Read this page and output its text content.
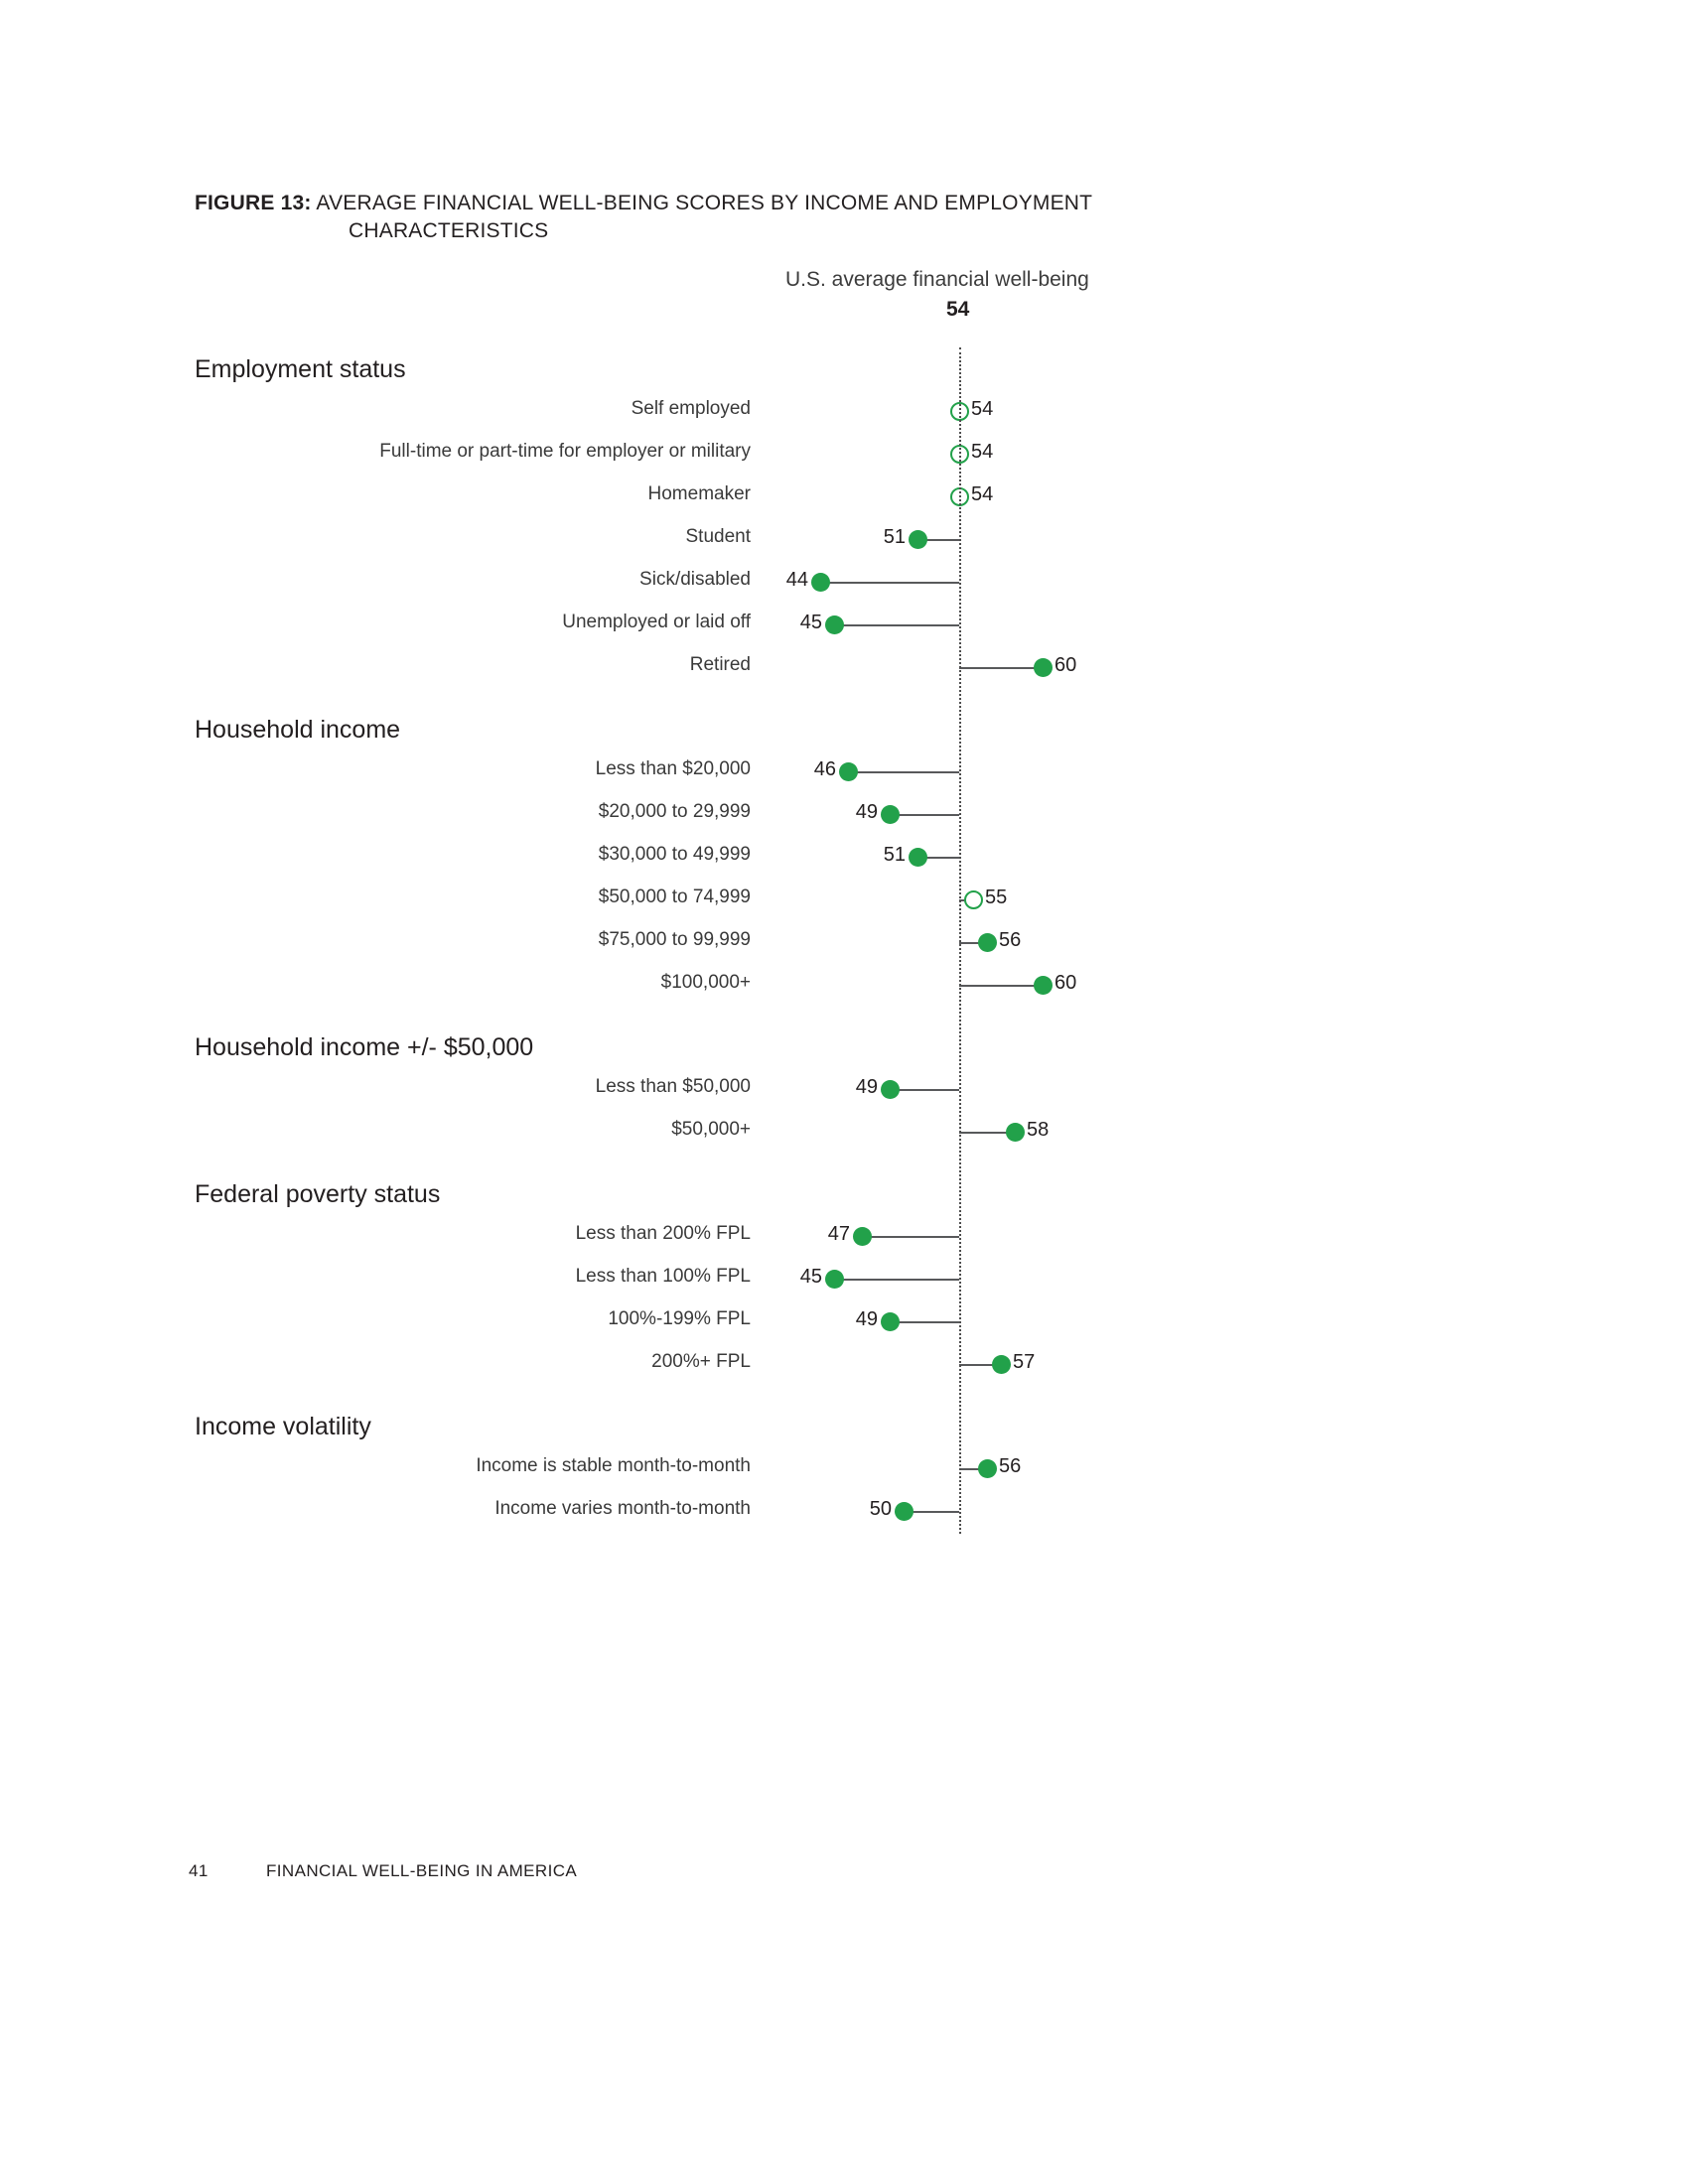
FIGURE 13: AVERAGE FINANCIAL WELL-BEING SCORES BY INCOME AND EMPLOYMENT
CHARACTERISTICS
U.S. average financial well-being
54
Employment status
Self employed	54
Full-time or part-time for employer or military	54
Homemaker	54
Student	51
Sick/disabled	44
Unemployed or laid off	45
Retired	60
Household income
Less than $20,000	46
$20,000 to 29,999	49
$30,000 to 49,999	51
$50,000 to 74,999	55
$75,000 to 99,999	56
$100,000+	60
Household income +/- $50,000
Less than $50,000	49
$50,000+	58
Federal poverty status
Less than 200% FPL	47
Less than 100% FPL	45
100%-199% FPL	49
200%+ FPL	57
Income volatility
Income is stable month-to-month	56
Income varies month-to-month	50
41	FINANCIAL WELL-BEING IN AMERICA
